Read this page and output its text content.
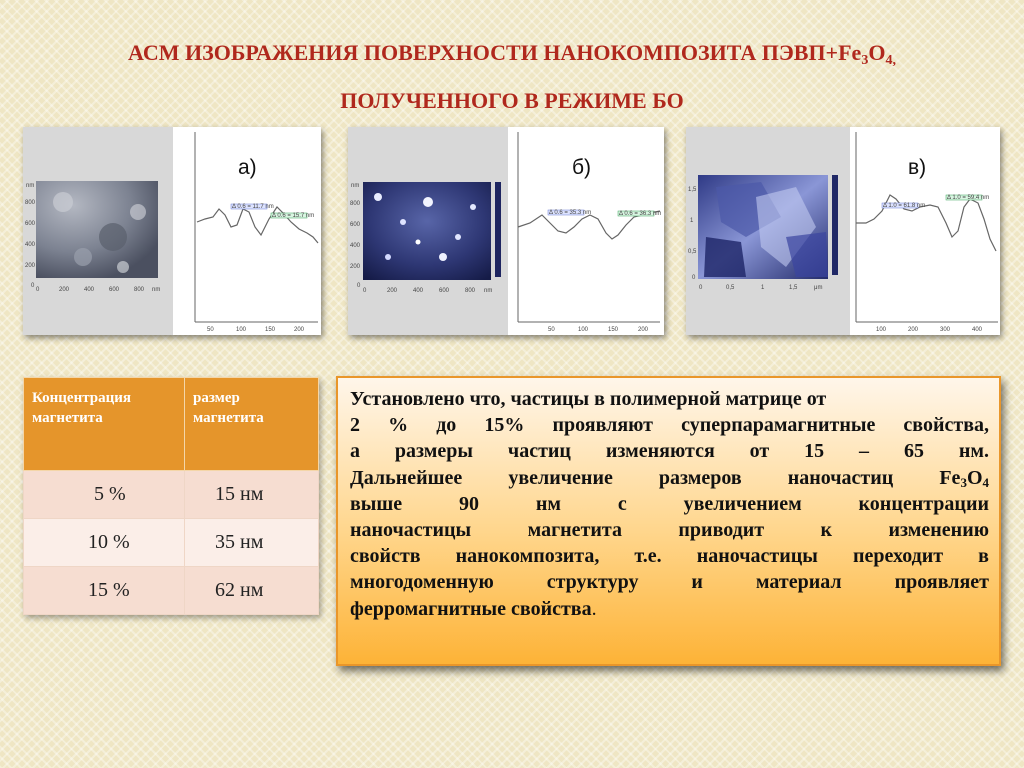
АСМ ИЗОБРАЖЕНИЯ ПОВЕРХНОСТИ НАНОКОМПОЗИТА $ПЭВП+Fe_3O_{4,}$
ПОЛУЧЕННОГО В РЕЖИМЕ БО
nm
800
600
400
200
0
0	200 400 600 800 nm
Δ 0.6 = 11.7 nm
Δ 0.6 = 15.7 nm
50	100	150	200
а)
nm
800
600
400
200
0
0	200	400	600	800 nm
Δ 0.6 = 35.3 nm	Δ 0.6 = 36.3 nm
50	100	150	200
б)
1,5
1
0,5
0
0	0,5	1	1,5	μm
Δ 1.0 = 61.8 nm
Δ 1.0 = 59.4 nm
100	200	300	400
в)
Концентрация магнетита	размер магнетита
5 %	15 нм
10 %	35 нм
15 %	62 нм
Установлено что, частицы в полимерной матрице от
2 % до 15% проявляют суперпарамагнитные свойства,
а размеры частиц изменяются от 15 – 65 нм.
Дальнейшее увеличение размеров наночастиц $Fe_3O_4$
выше 90 нм с увеличением концентрации
наночастицы магнетита приводит к изменению
свойств нанокомпозита, т.е. наночастицы переходит в
многодоменную структуру и материал проявляет
ферромагнитные свойства.
